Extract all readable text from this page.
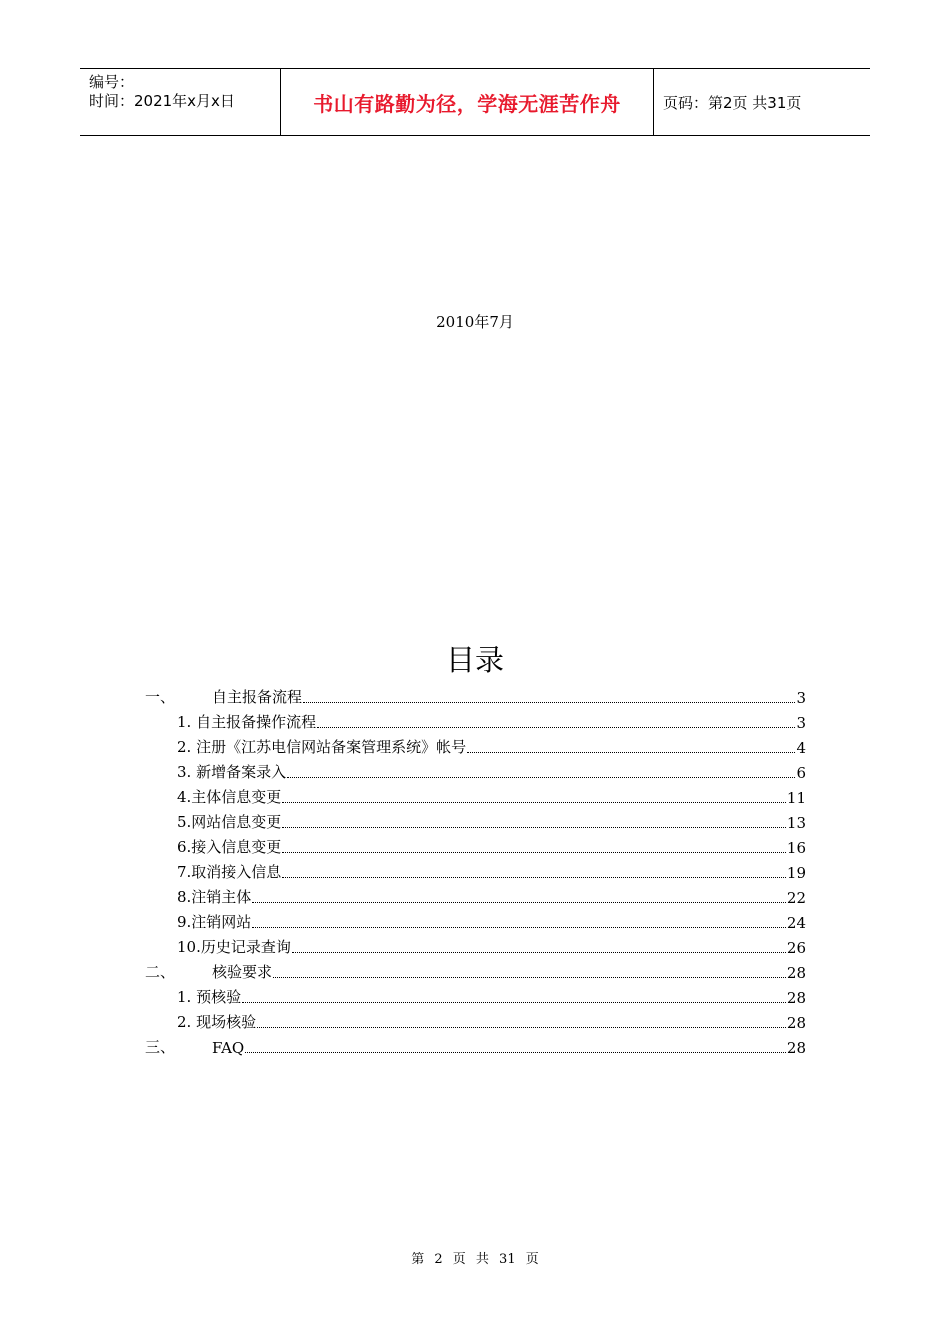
编号：
时间：2021年x月x日	书山有路勤为径，学海无涯苦作舟	页码：第2页 共31页
2010年7月
目录
一、	自主报备流程	3
1. 自主报备操作流程	3
2. 注册《江苏电信网站备案管理系统》帐号	4
3. 新增备案录入	6
4.主体信息变更	11
5.网站信息变更	13
6.接入信息变更	16
7.取消接入信息	19
8.注销主体	22
9.注销网站	24
10.历史记录查询	26
二、	核验要求	28
1. 预核验	28
2. 现场核验	28
三、	FAQ	28
第 2 页 共 31 页
